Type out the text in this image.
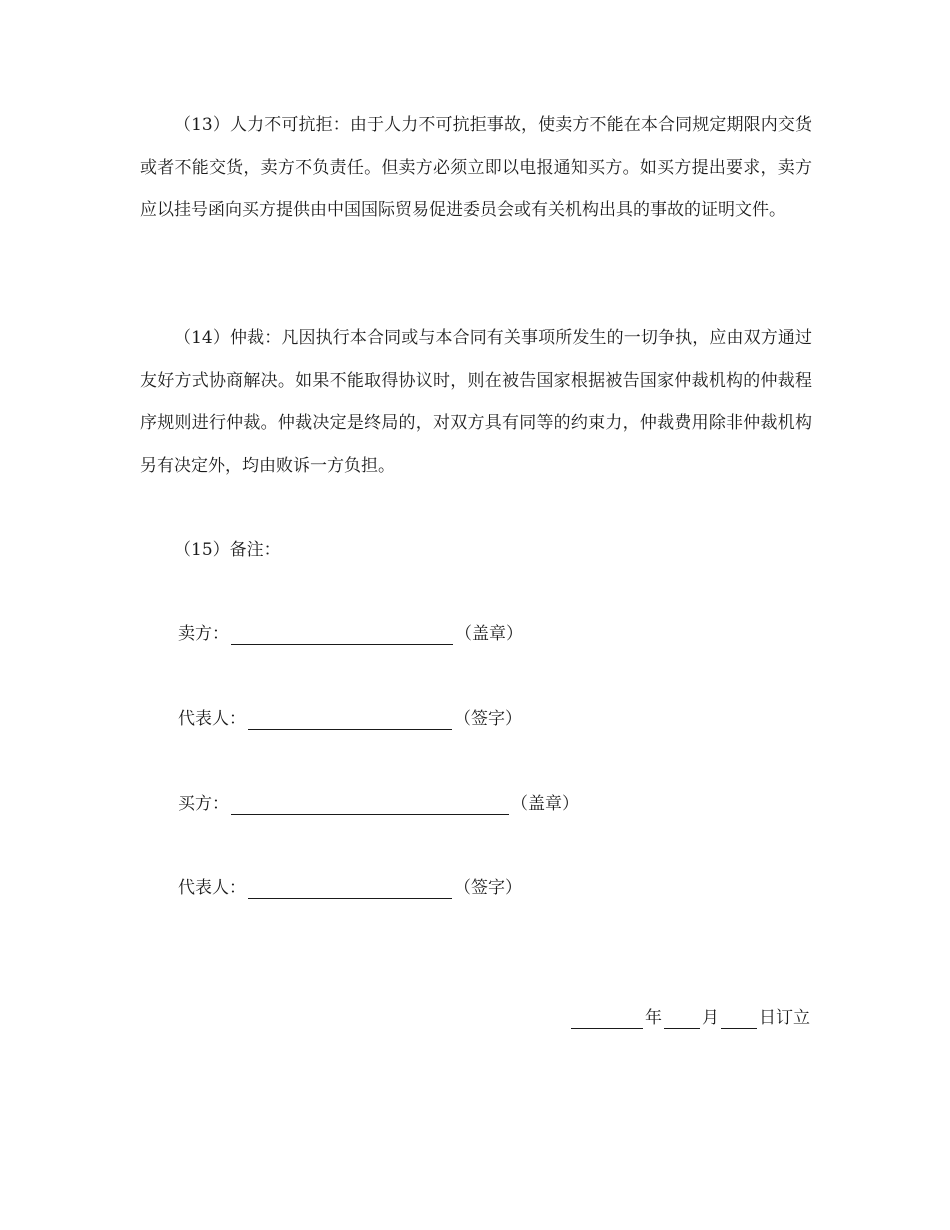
（13）人力不可抗拒：由于人力不可抗拒事故，使卖方不能在本合同规定期限内交货或者不能交货，卖方不负责任。但卖方必须立即以电报通知买方。如买方提出要求，卖方应以挂号函向买方提供由中国国际贸易促进委员会或有关机构出具的事故的证明文件。

（14）仲裁：凡因执行本合同或与本合同有关事项所发生的一切争执，应由双方通过友好方式协商解决。如果不能取得协议时，则在被告国家根据被告国家仲裁机构的仲裁程序规则进行仲裁。仲裁决定是终局的，对双方具有同等的约束力，仲裁费用除非仲裁机构另有决定外，均由败诉一方负担。

（15）备注：

卖方：	（盖章）
代表人：	（签字）
买方：	（盖章）
代表人：	（签字）
年 月 日订立
